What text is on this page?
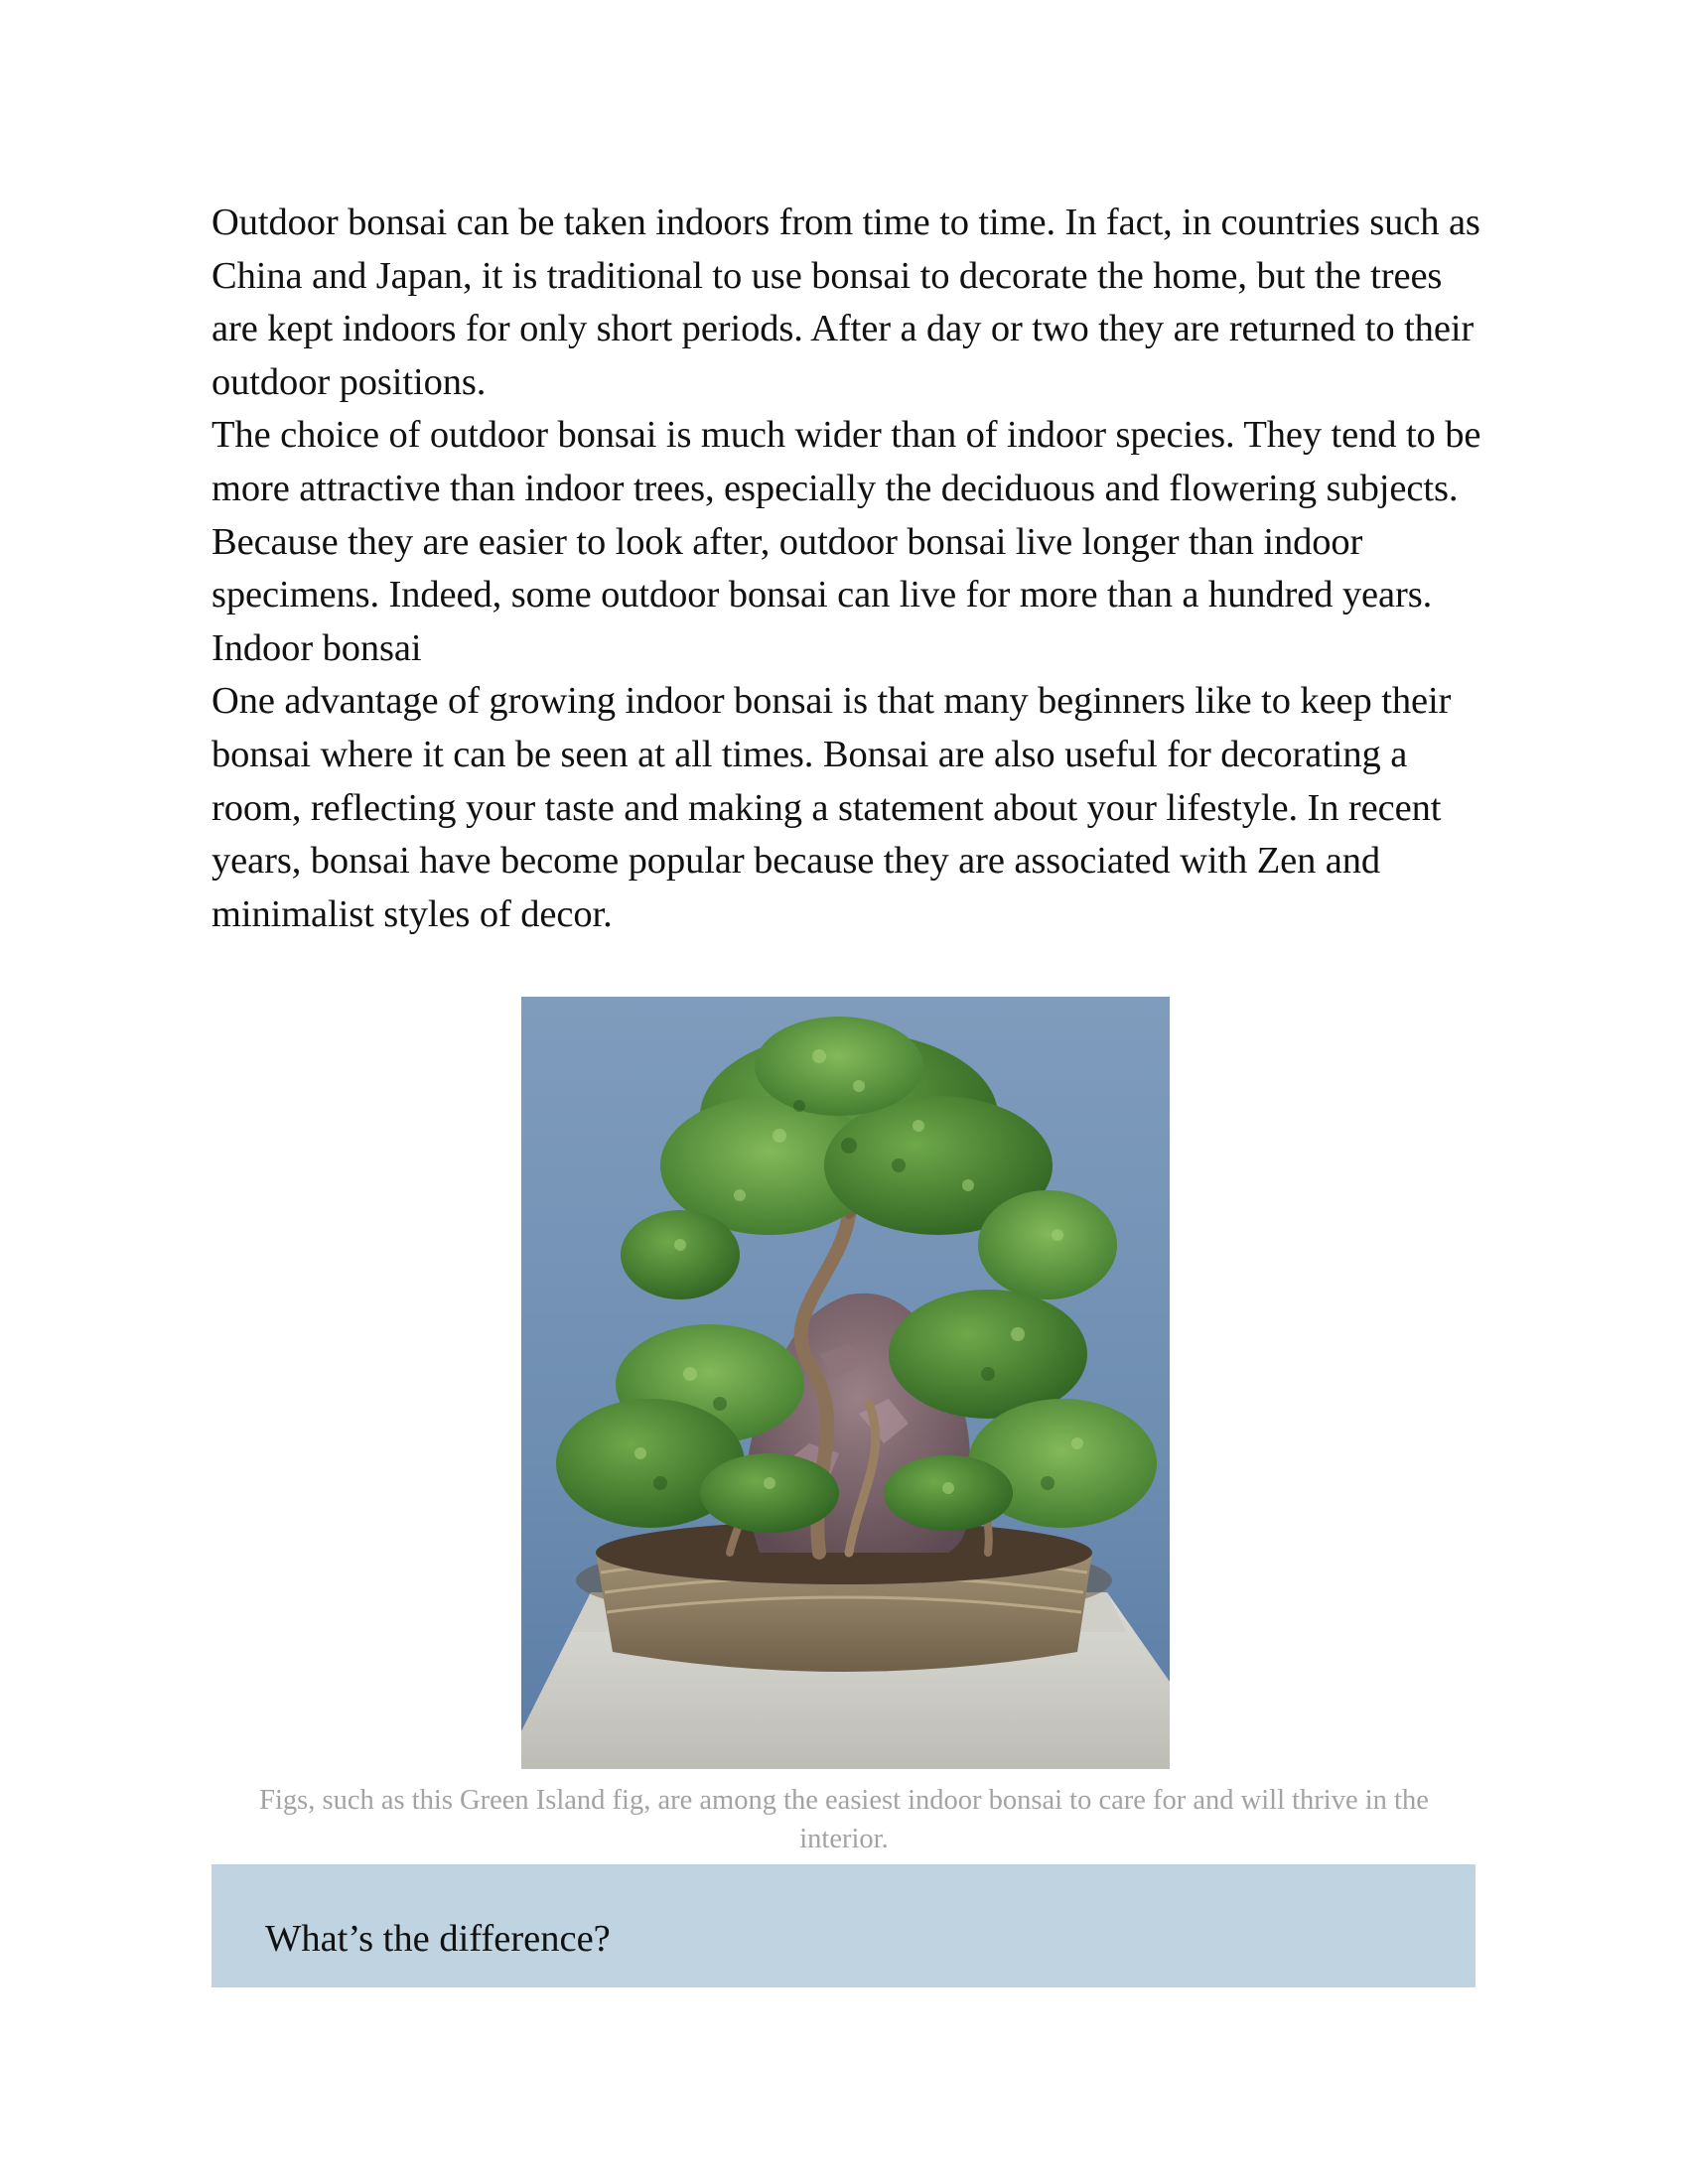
Outdoor bonsai can be taken indoors from time to time. In fact, in countries such as China and Japan, it is traditional to use bonsai to decorate the home, but the trees are kept indoors for only short periods. After a day or two they are returned to their outdoor positions.

The choice of outdoor bonsai is much wider than of indoor species. They tend to be more attractive than indoor trees, especially the deciduous and flowering subjects. Because they are easier to look after, outdoor bonsai live longer than indoor specimens. Indeed, some outdoor bonsai can live for more than a hundred years.

Indoor bonsai

One advantage of growing indoor bonsai is that many beginners like to keep their bonsai where it can be seen at all times. Bonsai are also useful for decorating a room, reflecting your taste and making a statement about your lifestyle. In recent years, bonsai have become popular because they are associated with Zen and minimalist styles of decor.

Figs, such as this Green Island fig, are among the easiest indoor bonsai to care for and will thrive in the interior.
What’s the difference?
